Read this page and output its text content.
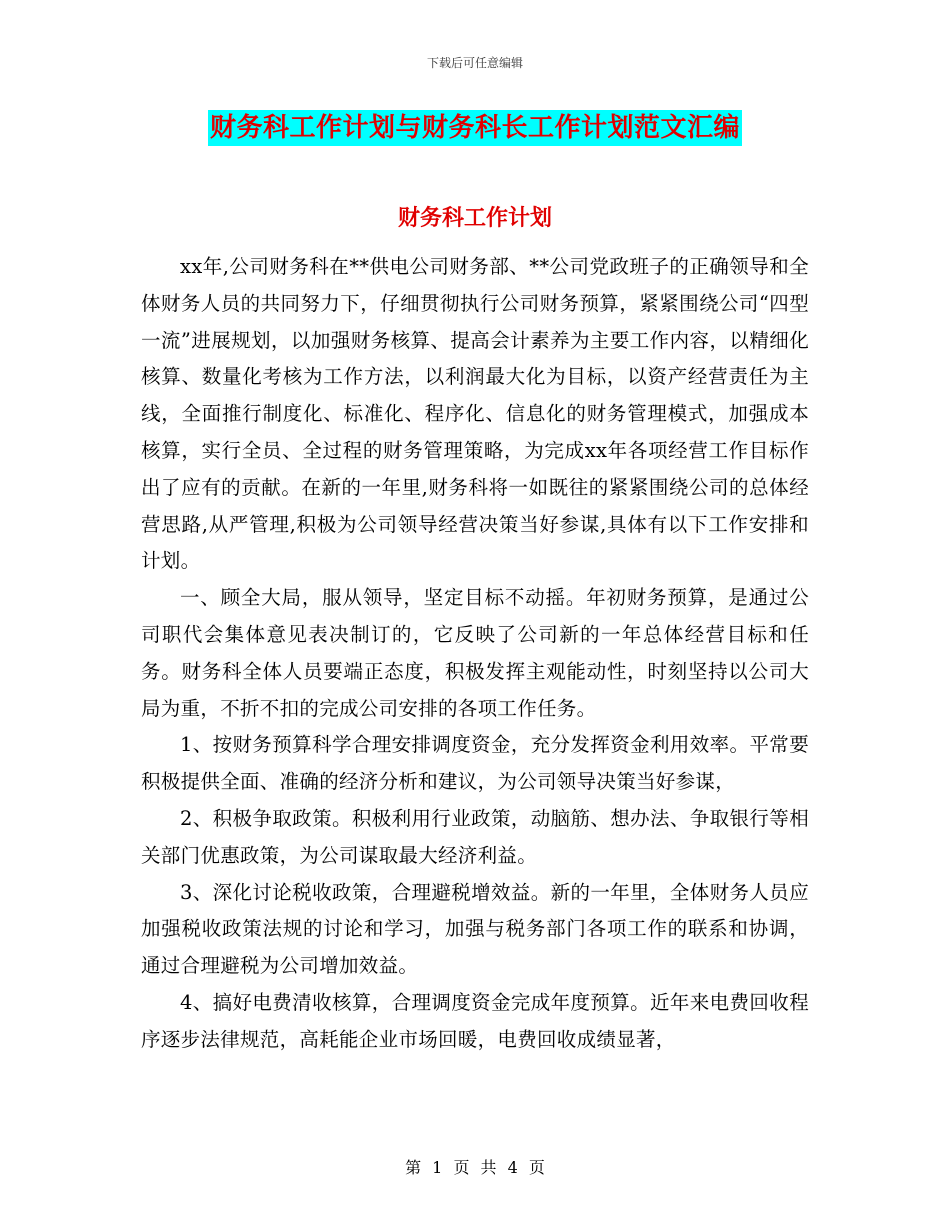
下载后可任意编辑
财务科工作计划与财务科长工作计划范文汇编
财务科工作计划

xx年,公司财务科在**供电公司财务部、**公司党政班子的正确领导和全体财务人员的共同努力下，仔细贯彻执行公司财务预算，紧紧围绕公司“四型一流”进展规划，以加强财务核算、提高会计素养为主要工作内容，以精细化核算、数量化考核为工作方法，以利润最大化为目标，以资产经营责任为主线，全面推行制度化、标准化、程序化、信息化的财务管理模式，加强成本核算，实行全员、全过程的财务管理策略，为完成xx年各项经营工作目标作出了应有的贡献。在新的一年里,财务科将一如既往的紧紧围绕公司的总体经营思路,从严管理,积极为公司领导经营决策当好参谋,具体有以下工作安排和计划。

一、顾全大局，服从领导，坚定目标不动摇。年初财务预算，是通过公司职代会集体意见表决制订的，它反映了公司新的一年总体经营目标和任务。财务科全体人员要端正态度，积极发挥主观能动性，时刻坚持以公司大局为重，不折不扣的完成公司安排的各项工作任务。

1、按财务预算科学合理安排调度资金，充分发挥资金利用效率。平常要积极提供全面、准确的经济分析和建议，为公司领导决策当好参谋，

2、积极争取政策。积极利用行业政策，动脑筋、想办法、争取银行等相关部门优惠政策，为公司谋取最大经济利益。

3、深化讨论税收政策，合理避税增效益。新的一年里，全体财务人员应加强税收政策法规的讨论和学习，加强与税务部门各项工作的联系和协调，通过合理避税为公司增加效益。

4、搞好电费清收核算，合理调度资金完成年度预算。近年来电费回收程序逐步法律规范，高耗能企业市场回暖，电费回收成绩显著，

第 1 页 共 4 页
